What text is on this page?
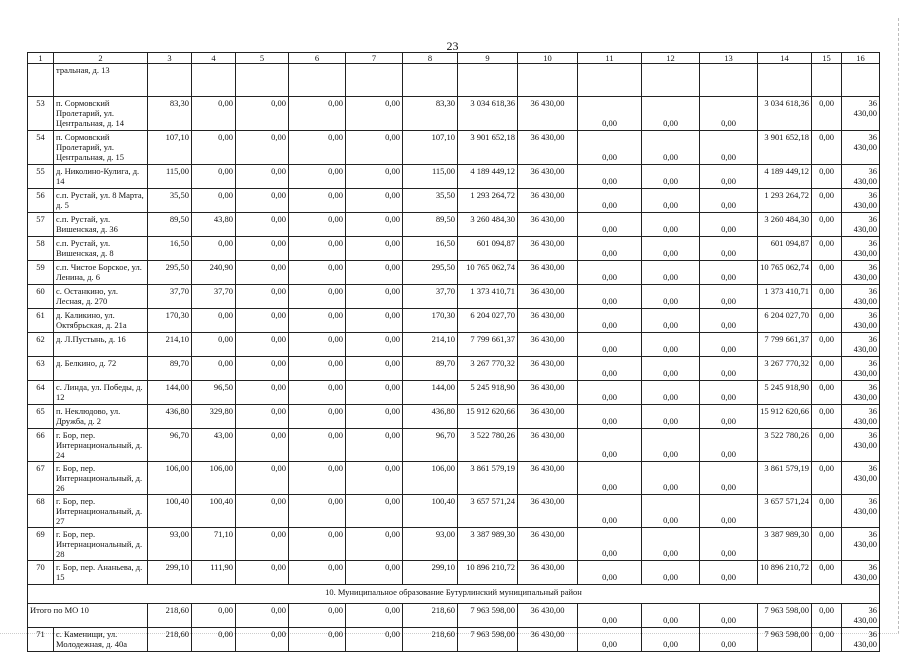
23
1	2	3	4	5	6	7	8	9	10	11	12	13	14	15	16
	тральная, д. 13														
53	п. Сормовский Пролетарий, ул. Центральная, д. 14	83,30	0,00	0,00	0,00	0,00	83,30	3 034 618,36	36 430,00	0,00	0,00	0,00	3 034 618,36	0,00	36 430,00
54	п. Сормовский Пролетарий, ул. Центральная, д. 15	107,10	0,00	0,00	0,00	0,00	107,10	3 901 652,18	36 430,00	0,00	0,00	0,00	3 901 652,18	0,00	36 430,00
55	д. Николино-Кулига, д. 14	115,00	0,00	0,00	0,00	0,00	115,00	4 189 449,12	36 430,00	0,00	0,00	0,00	4 189 449,12	0,00	36 430,00
56	с.п. Рустай, ул. 8 Марта, д. 5	35,50	0,00	0,00	0,00	0,00	35,50	1 293 264,72	36 430,00	0,00	0,00	0,00	1 293 264,72	0,00	36 430,00
57	с.п. Рустай, ул. Вишенская, д. 36	89,50	43,80	0,00	0,00	0,00	89,50	3 260 484,30	36 430,00	0,00	0,00	0,00	3 260 484,30	0,00	36 430,00
58	с.п. Рустай, ул. Вишенская, д. 8	16,50	0,00	0,00	0,00	0,00	16,50	601 094,87	36 430,00	0,00	0,00	0,00	601 094,87	0,00	36 430,00
59	с.п. Чистое Борское, ул. Ленина, д. 6	295,50	240,90	0,00	0,00	0,00	295,50	10 765 062,74	36 430,00	0,00	0,00	0,00	10 765 062,74	0,00	36 430,00
60	с. Останкино, ул. Лесная, д. 270	37,70	37,70	0,00	0,00	0,00	37,70	1 373 410,71	36 430,00	0,00	0,00	0,00	1 373 410,71	0,00	36 430,00
61	д. Каликино, ул. Октябрьская, д. 21а	170,30	0,00	0,00	0,00	0,00	170,30	6 204 027,70	36 430,00	0,00	0,00	0,00	6 204 027,70	0,00	36 430,00
62	д. Л.Пустынь, д. 16	214,10	0,00	0,00	0,00	0,00	214,10	7 799 661,37	36 430,00	0,00	0,00	0,00	7 799 661,37	0,00	36 430,00
63	д. Белкино, д. 72	89,70	0,00	0,00	0,00	0,00	89,70	3 267 770,32	36 430,00	0,00	0,00	0,00	3 267 770,32	0,00	36 430,00
64	с. Линда, ул. Победы, д. 12	144,00	96,50	0,00	0,00	0,00	144,00	5 245 918,90	36 430,00	0,00	0,00	0,00	5 245 918,90	0,00	36 430,00
65	п. Неклюдово, ул. Дружба, д. 2	436,80	329,80	0,00	0,00	0,00	436,80	15 912 620,66	36 430,00	0,00	0,00	0,00	15 912 620,66	0,00	36 430,00
66	г. Бор, пер. Интернациональный, д. 24	96,70	43,00	0,00	0,00	0,00	96,70	3 522 780,26	36 430,00	0,00	0,00	0,00	3 522 780,26	0,00	36 430,00
67	г. Бор, пер. Интернациональный, д. 26	106,00	106,00	0,00	0,00	0,00	106,00	3 861 579,19	36 430,00	0,00	0,00	0,00	3 861 579,19	0,00	36 430,00
68	г. Бор, пер. Интернациональный, д. 27	100,40	100,40	0,00	0,00	0,00	100,40	3 657 571,24	36 430,00	0,00	0,00	0,00	3 657 571,24	0,00	36 430,00
69	г. Бор, пер. Интернациональный, д. 28	93,00	71,10	0,00	0,00	0,00	93,00	3 387 989,30	36 430,00	0,00	0,00	0,00	3 387 989,30	0,00	36 430,00
70	г. Бор, пер. Ананьева, д. 15	299,10	111,90	0,00	0,00	0,00	299,10	10 896 210,72	36 430,00	0,00	0,00	0,00	10 896 210,72	0,00	36 430,00
10. Муниципальное образование Бутурлинский муниципальный район															
Итого по МО 10		218,60	0,00	0,00	0,00	0,00	218,60	7 963 598,00	36 430,00	0,00	0,00	0,00	7 963 598,00	0,00	36 430,00
71	с. Каменищи, ул. Молодежная, д. 40а	218,60	0,00	0,00	0,00	0,00	218,60	7 963 598,00	36 430,00	0,00	0,00	0,00	7 963 598,00	0,00	36 430,00
